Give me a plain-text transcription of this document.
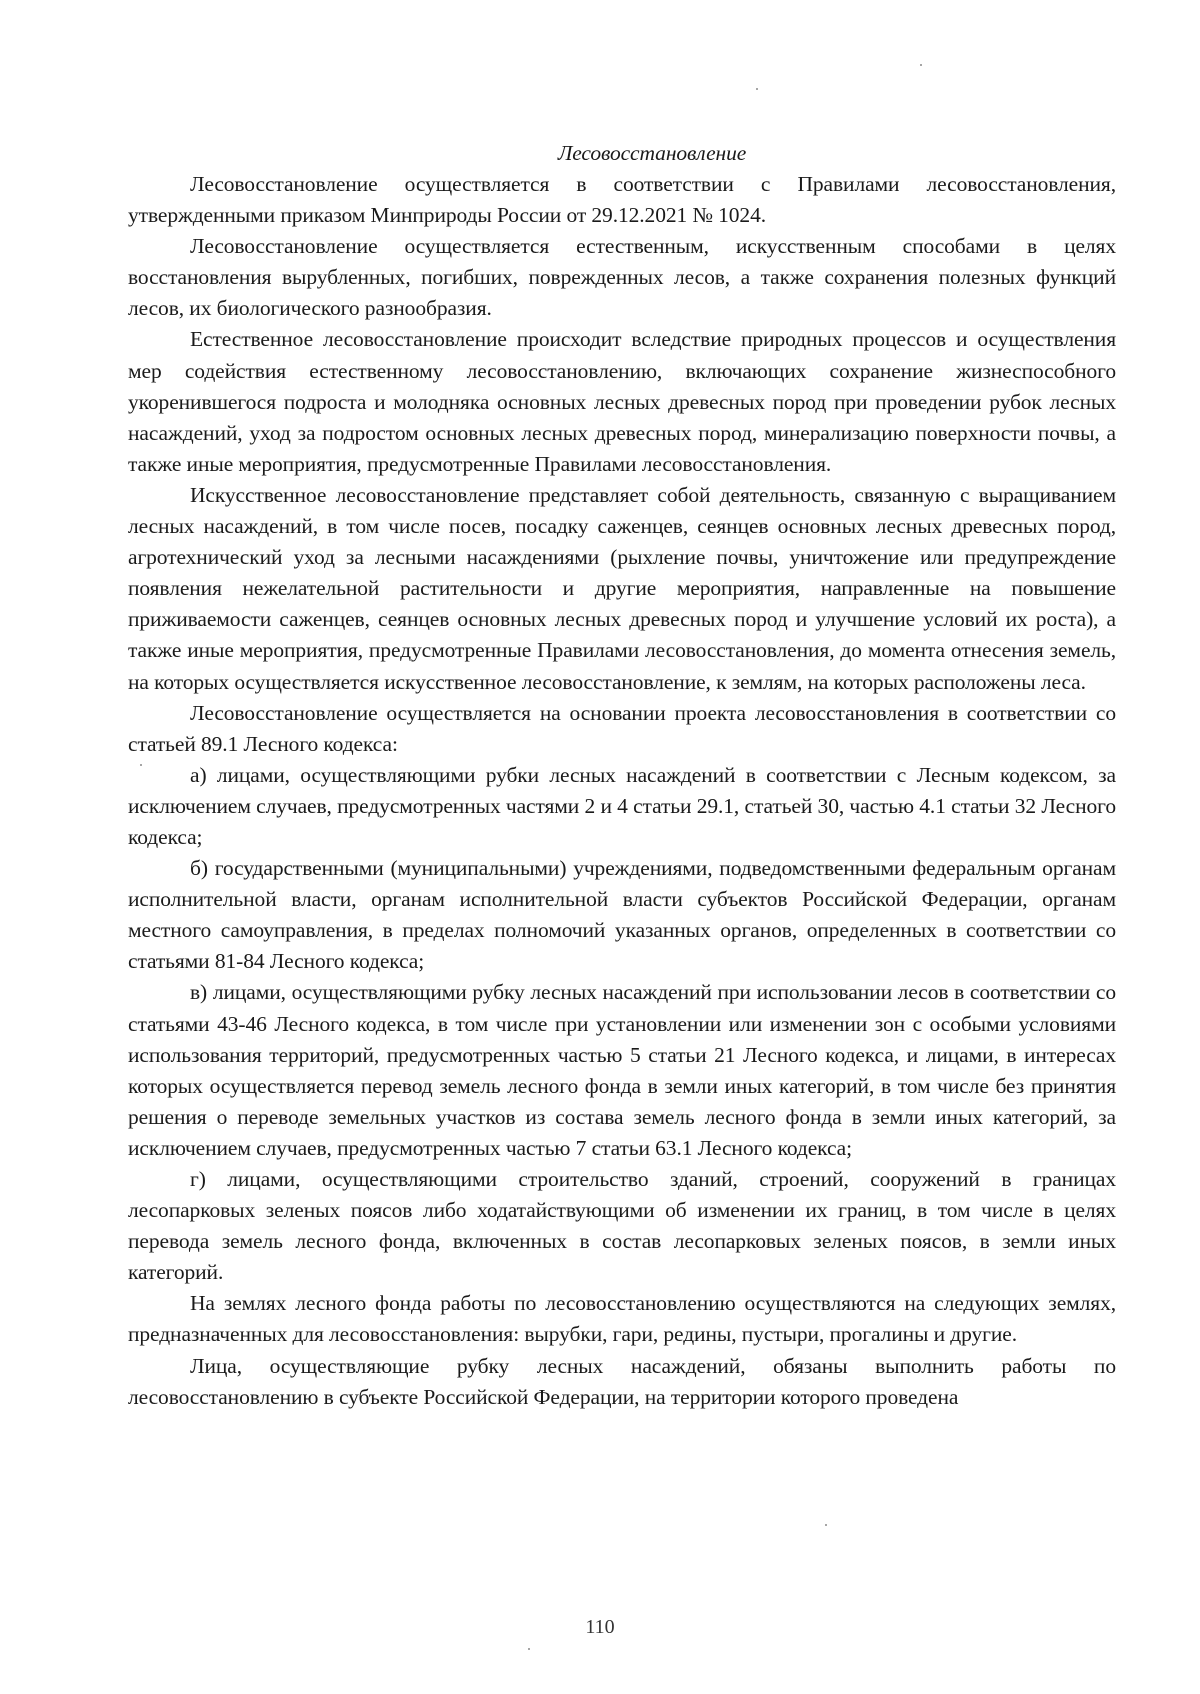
Лесовосстановление

Лесовосстановление осуществляется в соответствии с Правилами лесовосстановления, утвержденными приказом Минприроды России от 29.12.2021 № 1024.

Лесовосстановление осуществляется естественным, искусственным способами в целях восстановления вырубленных, погибших, поврежденных лесов, а также сохранения полезных функций лесов, их биологического разнообразия.

Естественное лесовосстановление происходит вследствие природных процессов и осуществления мер содействия естественному лесовосстановлению, включающих сохранение жизнеспособного укоренившегося подроста и молодняка основных лесных древесных пород при проведении рубок лесных насаждений, уход за подростом основных лесных древесных пород, минерализацию поверхности почвы, а также иные мероприятия, предусмотренные Правилами лесовосстановления.

Искусственное лесовосстановление представляет собой деятельность, связанную с выращиванием лесных насаждений, в том числе посев, посадку саженцев, сеянцев основных лесных древесных пород, агротехнический уход за лесными насаждениями (рыхление почвы, уничтожение или предупреждение появления нежелательной растительности и другие мероприятия, направленные на повышение приживаемости саженцев, сеянцев основных лесных древесных пород и улучшение условий их роста), а также иные мероприятия, предусмотренные Правилами лесовосстановления, до момента отнесения земель, на которых осуществляется искусственное лесовосстановление, к землям, на которых расположены леса.

Лесовосстановление осуществляется на основании проекта лесовосстановления в соответствии со статьей 89.1 Лесного кодекса:

а) лицами, осуществляющими рубки лесных насаждений в соответствии с Лесным кодексом, за исключением случаев, предусмотренных частями 2 и 4 статьи 29.1, статьей 30, частью 4.1 статьи 32 Лесного кодекса;

б) государственными (муниципальными) учреждениями, подведомственными федеральным органам исполнительной власти, органам исполнительной власти субъектов Российской Федерации, органам местного самоуправления, в пределах полномочий указанных органов, определенных в соответствии со статьями 81-84 Лесного кодекса;

в) лицами, осуществляющими рубку лесных насаждений при использовании лесов в соответствии со статьями 43-46 Лесного кодекса, в том числе при установлении или изменении зон с особыми условиями использования территорий, предусмотренных частью 5 статьи 21 Лесного кодекса, и лицами, в интересах которых осуществляется перевод земель лесного фонда в земли иных категорий, в том числе без принятия решения о переводе земельных участков из состава земель лесного фонда в земли иных категорий, за исключением случаев, предусмотренных частью 7 статьи 63.1 Лесного кодекса;

г) лицами, осуществляющими строительство зданий, строений, сооружений в границах лесопарковых зеленых поясов либо ходатайствующими об изменении их границ, в том числе в целях перевода земель лесного фонда, включенных в состав лесопарковых зеленых поясов, в земли иных категорий.

На землях лесного фонда работы по лесовосстановлению осуществляются на следующих землях, предназначенных для лесовосстановления: вырубки, гари, редины, пустыри, прогалины и другие.

Лица, осуществляющие рубку лесных насаждений, обязаны выполнить работы по лесовосстановлению в субъекте Российской Федерации, на территории которого проведена

110
